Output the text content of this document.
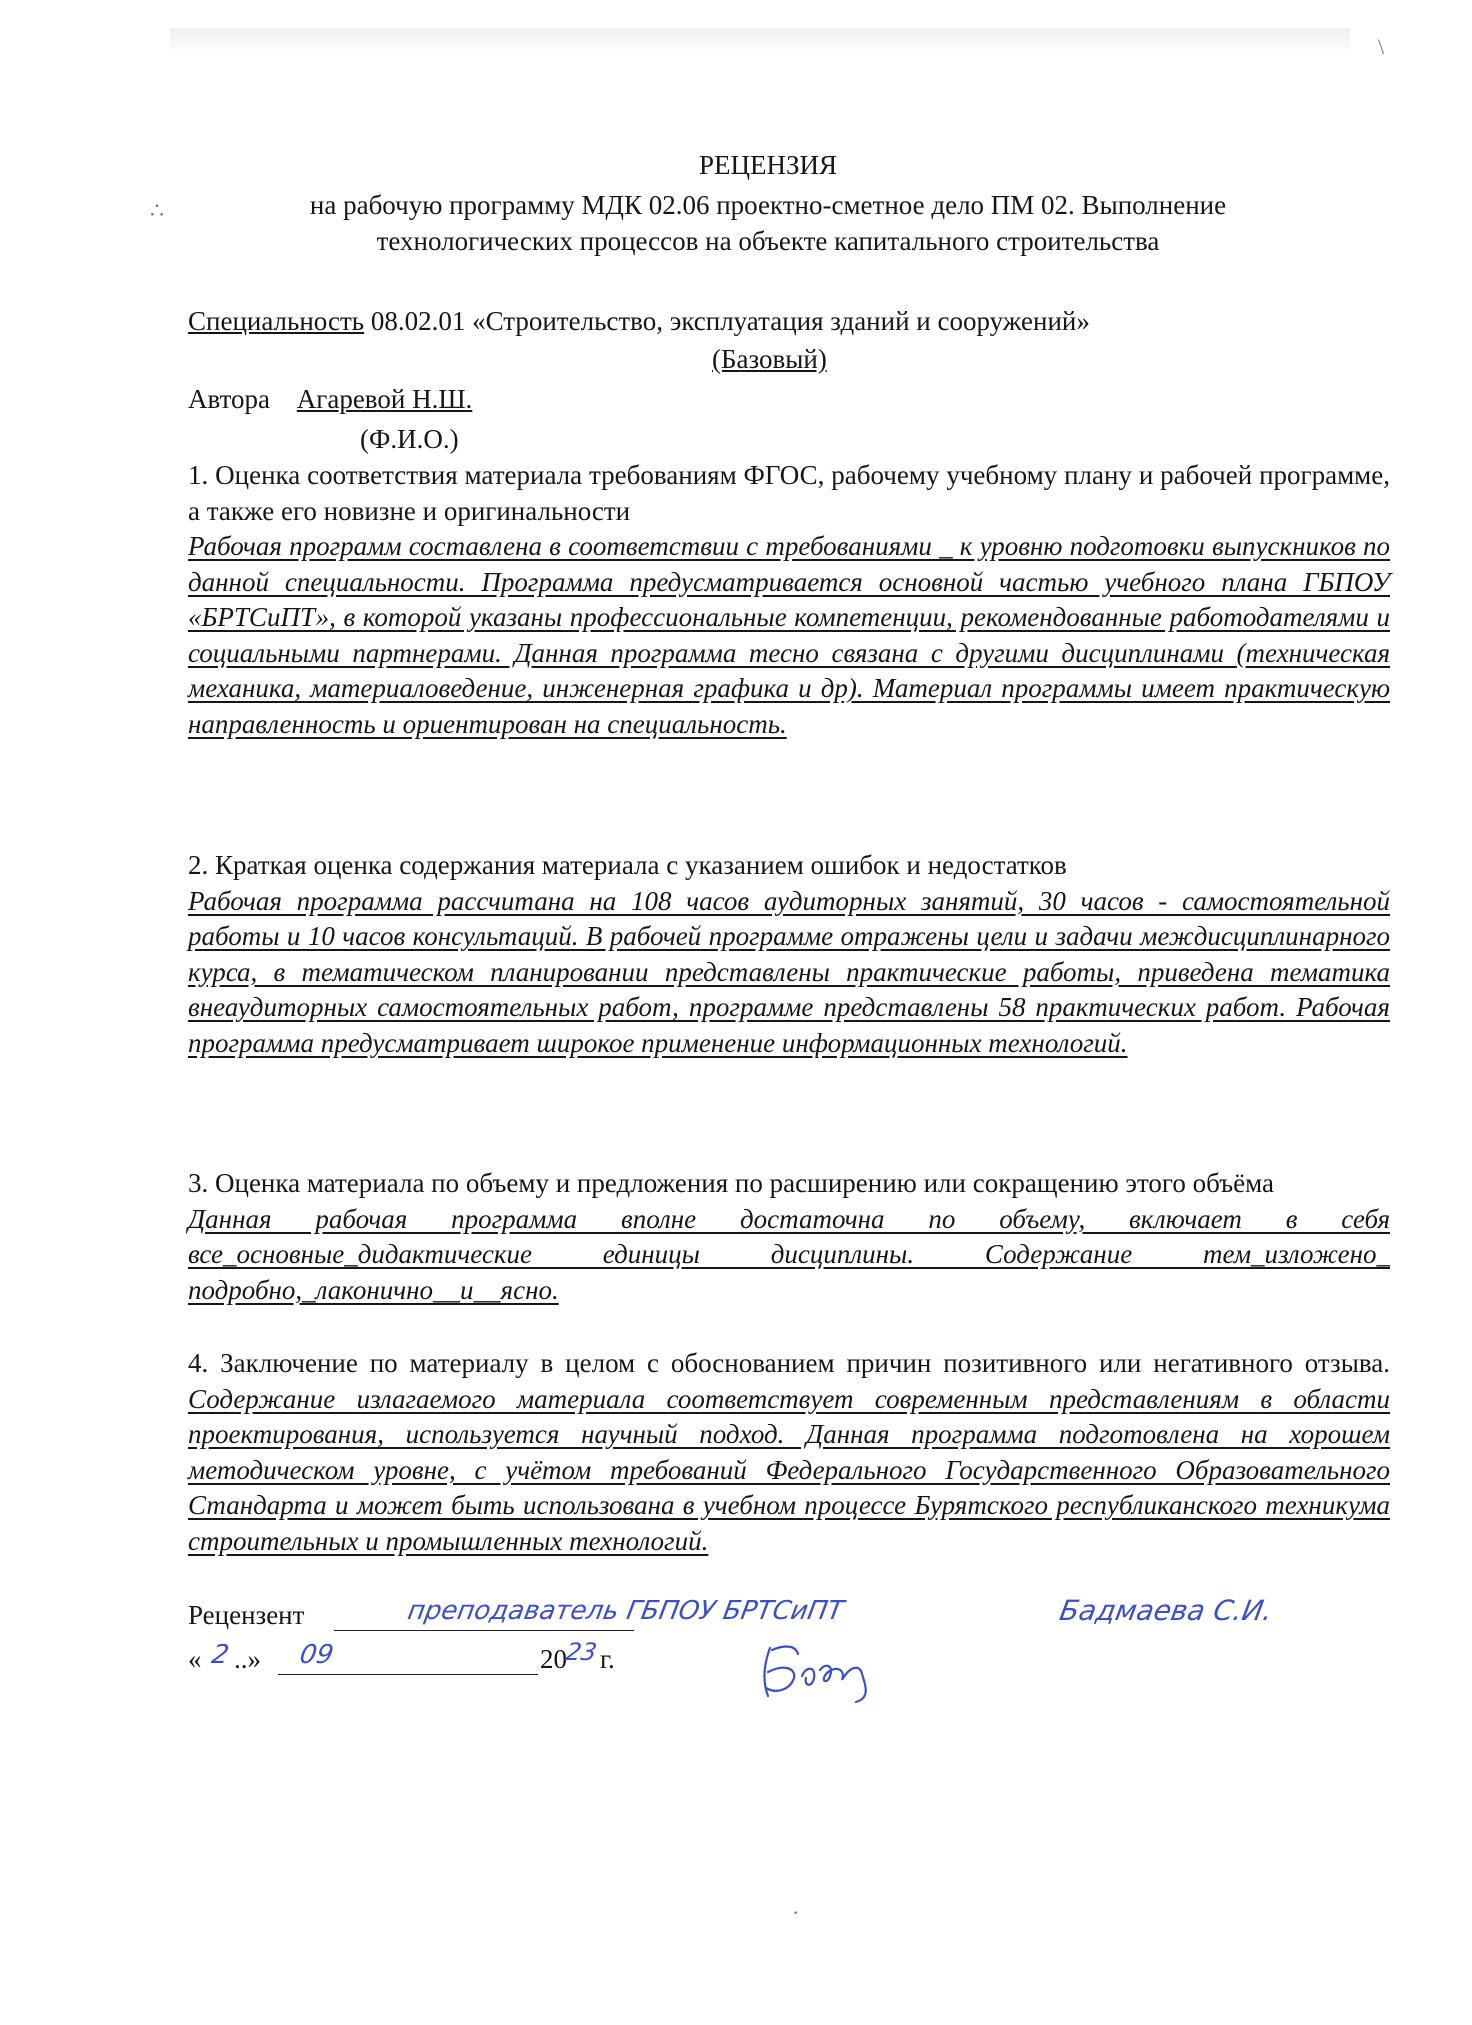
\
∴
·
РЕЦЕНЗИЯ
на рабочую программу МДК 02.06 проектно-сметное дело ПМ 02. Выполнение
технологических процессов на объекте капитального строительства
Специальность 08.02.01 «Строительство, эксплуатация зданий и сооружений»
(Базовый)
Автора Агаревой Н.Ш.
(Ф.И.О.)
1. Оценка соответствия материала требованиям ФГОС, рабочему учебному плану и рабочей программе, а также его новизне и оригинальности
Рабочая программ составлена в соответствии с требованиями _ к уровню подготовки выпускников по данной специальности. Программа предусматривается основной частью учебного плана ГБПОУ «БРТСиПТ», в которой указаны профессиональные компетенции, рекомендованные работодателями и социальными партнерами. Данная программа тесно связана с другими дисциплинами (техническая механика, материаловедение, инженерная графика и др). Материал программы имеет практическую направленность и ориентирован на специальность.
2. Краткая оценка содержания материала с указанием ошибок и недостатков
Рабочая программа рассчитана на 108 часов аудиторных занятий, 30 часов - самостоятельной работы и 10 часов консультаций. В рабочей программе отражены цели и задачи междисциплинарного курса, в тематическом планировании представлены практические работы, приведена тематика внеаудиторных самостоятельных работ, программе представлены 58 практических работ. Рабочая программа предусматривает широкое применение информационных технологий.
3. Оценка материала по объему и предложения по расширению или сокращению этого объёма
Данная рабочая программа вполне достаточна по объему, включает в себя все_основные_дидактические единицы дисциплины. Содержание тем_изложено_ подробно,_лаконично__и__ясно.
4. Заключение по материалу в целом с обоснованием причин позитивного или негативного отзыва. Содержание излагаемого материала соответствует современным представлениям в области проектирования, используется научный подход. Данная программа подготовлена на хорошем методическом уровне, с учётом требований Федерального Государственного Образовательного Стандарта и может быть использована в учебном процессе Бурятского республиканского техникума строительных и промышленных технологий.
Рецензент	преподаватель ГБПОУ БРТСиПТ	Бадмаева С.И.
« 2 ..» 09	20
23 г.
